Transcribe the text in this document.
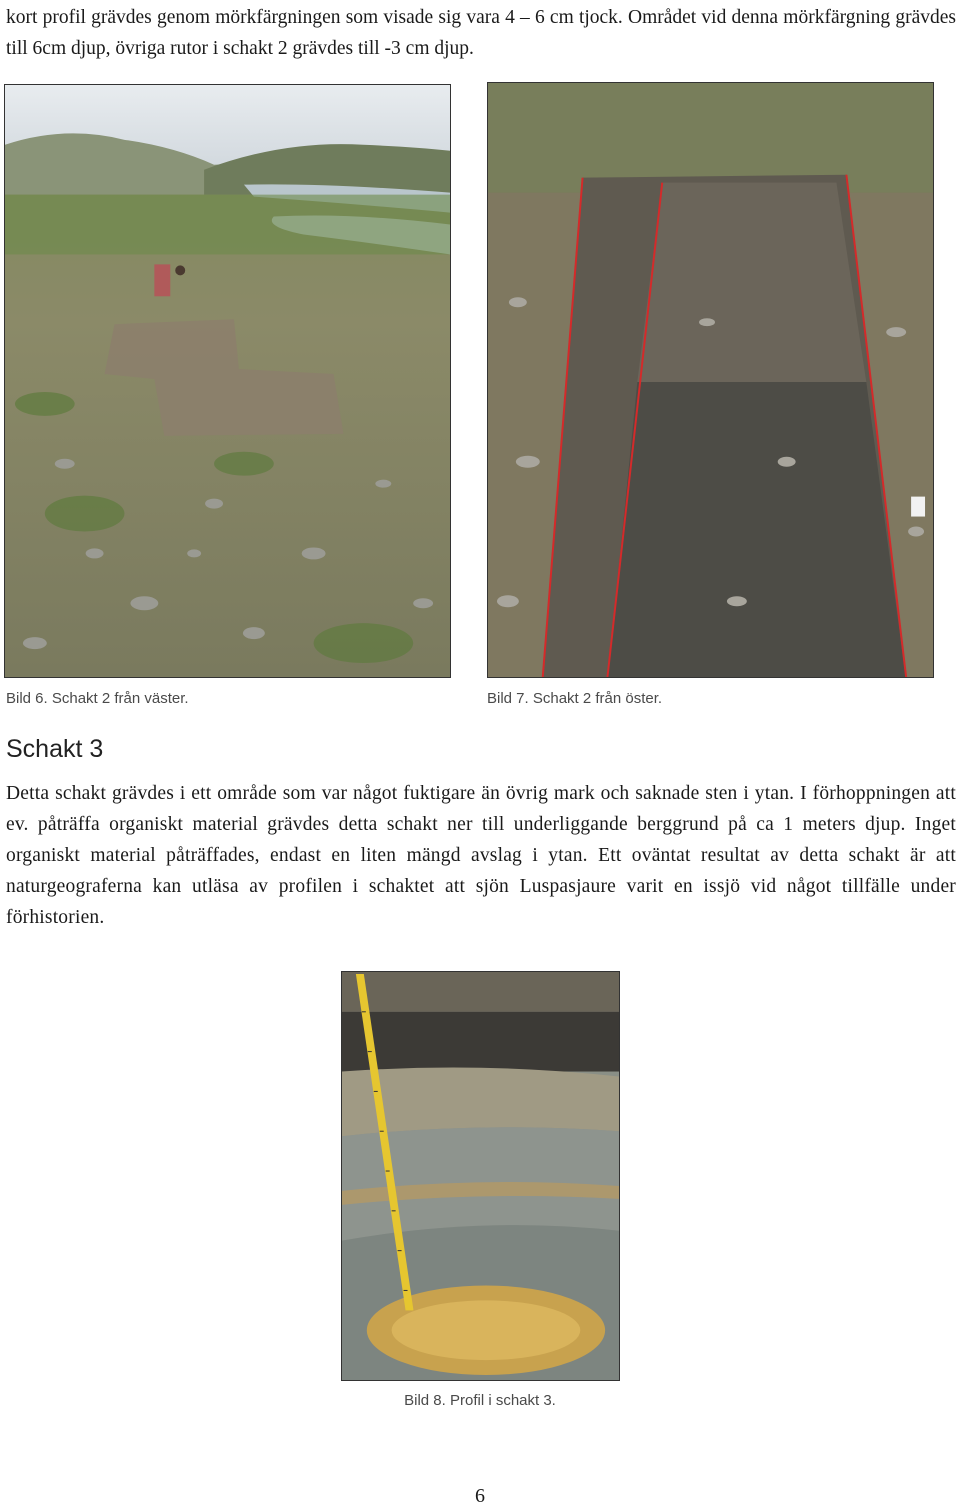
kort profil grävdes genom mörkfärgningen som visade sig vara 4 – 6 cm tjock. Området vid denna mörkfärgning grävdes till 6cm djup, övriga rutor i schakt 2 grävdes till -3 cm djup.

Bild 6. Schakt 2 från väster.	Bild 7. Schakt 2 från öster.
Schakt 3

Detta schakt grävdes i ett område som var något fuktigare än övrig mark och saknade sten i ytan. I förhoppningen att ev. påträffa organiskt material grävdes detta schakt ner till underliggande berggrund på ca 1 meters djup. Inget organiskt material påträffades, endast en liten mängd avslag i ytan. Ett oväntat resultat av detta schakt är att naturgeograferna kan utläsa av profilen i schaktet att sjön Luspasjaure varit en issjö vid något tillfälle under förhistorien.

Bild 8. Profil i schakt 3.
6
